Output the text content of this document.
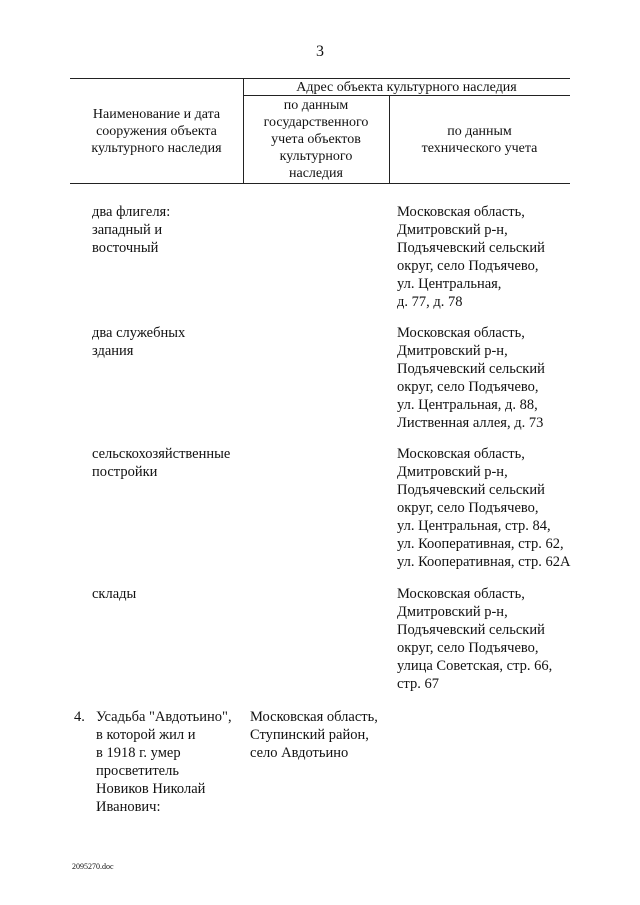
3
Наименование и дата
сооружения объекта
культурного наследия
Адрес объекта культурного наследия
по данным
государственного
учета объектов
культурного
наследия
по данным
технического учета
два флигеля:
западный и
восточный
Московская область,
Дмитровский р-н,
Подъячевский сельский
округ, село Подъячево,
ул. Центральная,
д. 77, д. 78
два служебных
здания
Московская область,
Дмитровский р-н,
Подъячевский сельский
округ, село Подъячево,
ул. Центральная, д. 88,
Лиственная аллея, д. 73
сельскохозяйственные
постройки
Московская область,
Дмитровский р-н,
Подъячевский сельский
округ, село Подъячево,
ул. Центральная, стр. 84,
ул. Кооперативная, стр. 62,
ул. Кооперативная, стр. 62А
склады	Московская область,
Дмитровский р-н,
Подъячевский сельский
округ, село Подъячево,
улица Советская, стр. 66,
стр. 67
4. Усадьба "Авдотьино",
в которой жил и
в 1918 г. умер
просветитель
Новиков Николай
Иванович:
Московская область,
Ступинский район,
село Авдотьино
2095270.doc
